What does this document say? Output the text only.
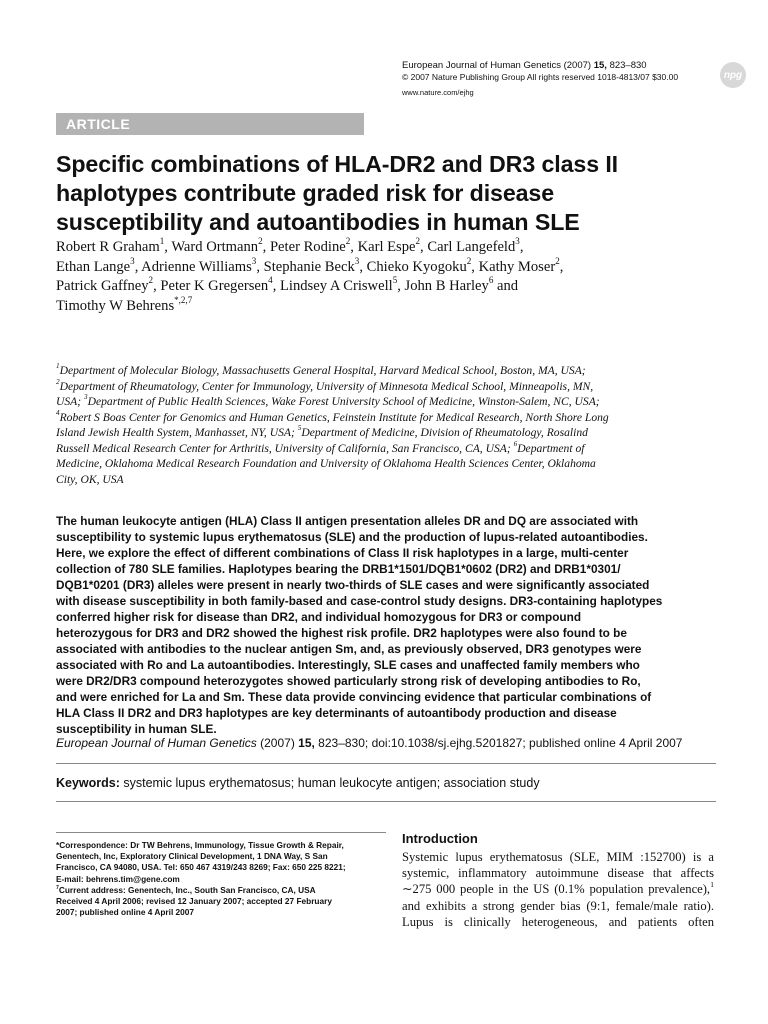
European Journal of Human Genetics (2007) 15, 823–830
© 2007 Nature Publishing Group All rights reserved 1018-4813/07 $30.00
www.nature.com/ejhg
npg
ARTICLE
Specific combinations of HLA-DR2 and DR3 class II
haplotypes contribute graded risk for disease
susceptibility and autoantibodies in human SLE
Robert R Graham$^1$, Ward Ortmann$^2$, Peter Rodine$^2$, Karl Espe$^2$, Carl Langefeld$^3$,
Ethan Lange$^3$, Adrienne Williams$^3$, Stephanie Beck$^3$, Chieko Kyogoku$^2$, Kathy Moser$^2$,
Patrick Gaffney$^2$, Peter K Gregersen$^4$, Lindsey A Criswell$^5$, John B Harley$^6$ and
Timothy W Behrens$^{*,2,7}$
$^1$Department of Molecular Biology, Massachusetts General Hospital, Harvard Medical School, Boston, MA, USA;
$^2$Department of Rheumatology, Center for Immunology, University of Minnesota Medical School, Minneapolis, MN,
USA; $^3$Department of Public Health Sciences, Wake Forest University School of Medicine, Winston-Salem, NC, USA;
$^4$Robert S Boas Center for Genomics and Human Genetics, Feinstein Institute for Medical Research, North Shore Long
Island Jewish Health System, Manhasset, NY, USA; $^5$Department of Medicine, Division of Rheumatology, Rosalind
Russell Medical Research Center for Arthritis, University of California, San Francisco, CA, USA; $^6$Department of
Medicine, Oklahoma Medical Research Foundation and University of Oklahoma Health Sciences Center, Oklahoma
City, OK, USA
The human leukocyte antigen (HLA) Class II antigen presentation alleles DR and DQ are associated with
susceptibility to systemic lupus erythematosus (SLE) and the production of lupus-related autoantibodies.
Here, we explore the effect of different combinations of Class II risk haplotypes in a large, multi-center
collection of 780 SLE families. Haplotypes bearing the DRB1*1501/DQB1*0602 (DR2) and DRB1*0301/
DQB1*0201 (DR3) alleles were present in nearly two-thirds of SLE cases and were significantly associated
with disease susceptibility in both family-based and case-control study designs. DR3-containing haplotypes
conferred higher risk for disease than DR2, and individual homozygous for DR3 or compound
heterozygous for DR3 and DR2 showed the highest risk profile. DR2 haplotypes were also found to be
associated with antibodies to the nuclear antigen Sm, and, as previously observed, DR3 genotypes were
associated with Ro and La autoantibodies. Interestingly, SLE cases and unaffected family members who
were DR2/DR3 compound heterozygotes showed particularly strong risk of developing antibodies to Ro,
and were enriched for La and Sm. These data provide convincing evidence that particular combinations of
HLA Class II DR2 and DR3 haplotypes are key determinants of autoantibody production and disease
susceptibility in human SLE.
European Journal of Human Genetics (2007) 15, 823–830; doi:10.1038/sj.ejhg.5201827; published online 4 April 2007
Keywords: systemic lupus erythematosus; human leukocyte antigen; association study
*Correspondence: Dr TW Behrens, Immunology, Tissue Growth & Repair,
Genentech, Inc, Exploratory Clinical Development, 1 DNA Way, S San
Francisco, CA 94080, USA. Tel: 650 467 4319/243 8269; Fax: 650 225 8221;
E-mail: behrens.tim@gene.com
$^7$Current address: Genentech, Inc., South San Francisco, CA, USA
Received 4 April 2006; revised 12 January 2007; accepted 27 February
2007; published online 4 April 2007
Introduction
Systemic lupus erythematosus (SLE, MIM :152700) is a
systemic, inflammatory autoimmune disease that affects
∼275 000 people in the US (0.1% population prevalence),$^1$
and exhibits a strong gender bias (9:1, female/male ratio).
Lupus is clinically heterogeneous, and patients often
